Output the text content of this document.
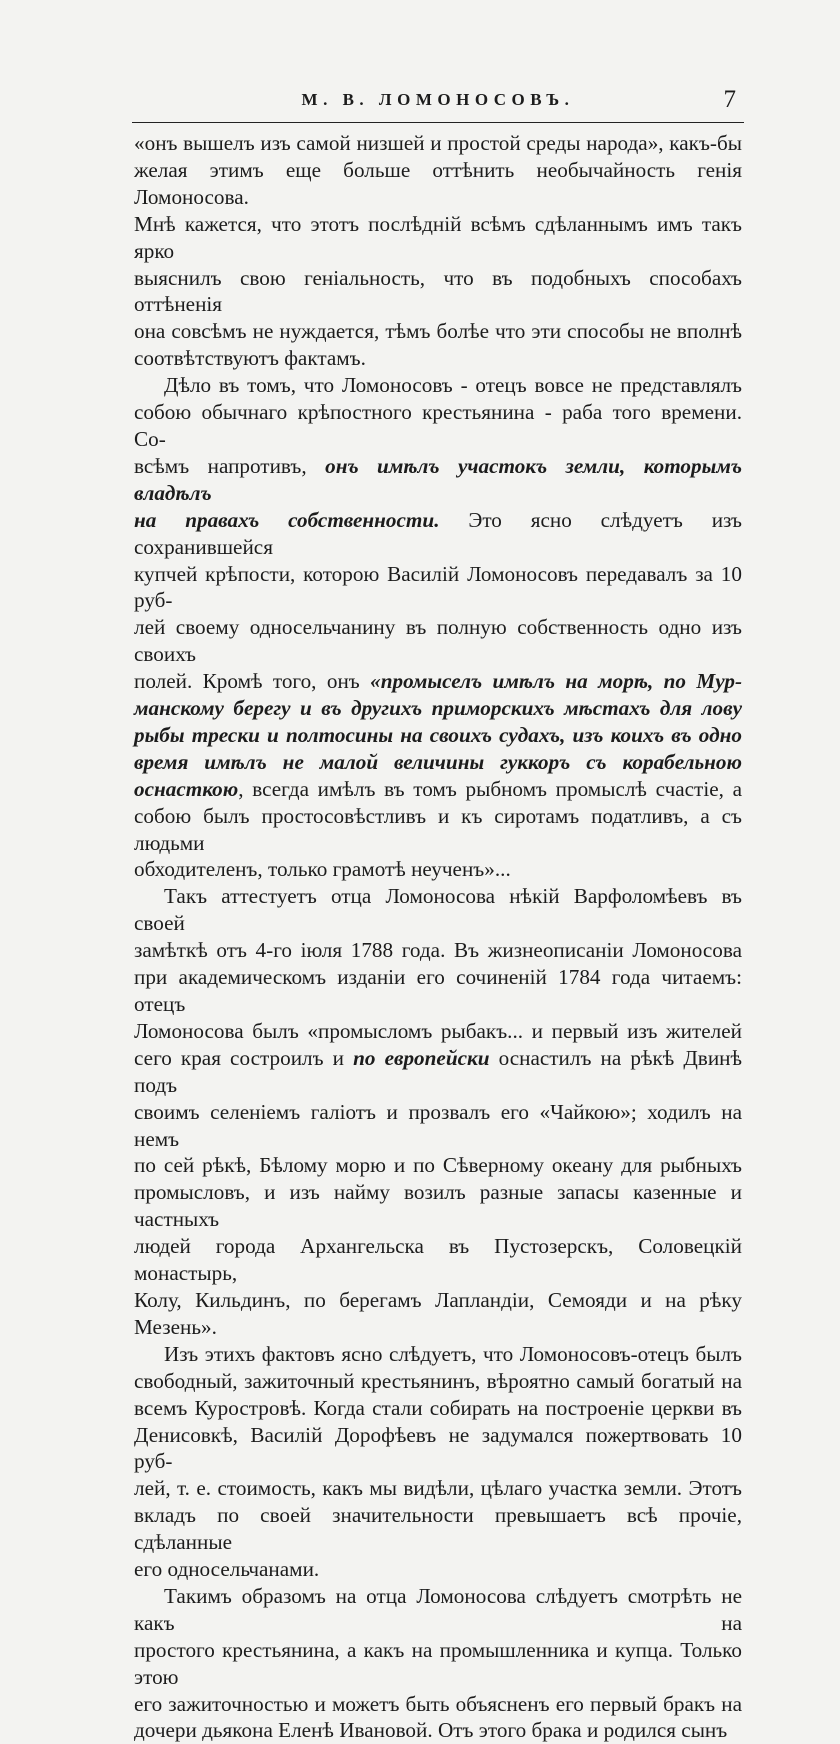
М. В. ЛОМОНОСОВЪ.	7

«онъ вышелъ изъ самой низшей и простой среды народа», какъ-бы

желая этимъ еще больше оттѣнить необычайность генія Ломоносова.

Мнѣ кажется, что этотъ послѣдній всѣмъ сдѣланнымъ имъ такъ ярко

выяснилъ свою геніальность, что въ подобныхъ способахъ оттѣненія

она совсѣмъ не нуждается, тѣмъ болѣе что эти способы не вполнѣ

соотвѣтствуютъ фактамъ.

Дѣло въ томъ, что Ломоносовъ - отецъ вовсе не представлялъ

собою обычнаго крѣпостного крестьянина - раба того времени. Со-

всѣмъ напротивъ, онъ имѣлъ участокъ земли, которымъ владѣлъ

на правахъ собственности. Это ясно слѣдуетъ изъ сохранившейся

купчей крѣпости, которою Василій Ломоносовъ передавалъ за 10 руб-

лей своему односельчанину въ полную собственность одно изъ своихъ

полей. Кромѣ того, онъ «промыселъ имѣлъ на морѣ, по Мур-

манскому берегу и въ другихъ приморскихъ мѣстахъ для лову

рыбы трески и полтосины на своихъ судахъ, изъ коихъ въ одно

время имѣлъ не малой величины гуккоръ съ корабельною

оснасткою, всегда имѣлъ въ томъ рыбномъ промыслѣ счастіе, а

собою былъ простосовѣстливъ и къ сиротамъ податливъ, а съ людьми

обходителенъ, только грамотѣ неученъ»...

Такъ аттестуетъ отца Ломоносова нѣкій Варфоломѣевъ въ своей

замѣткѣ отъ 4-го іюля 1788 года. Въ жизнеописаніи Ломоносова

при академическомъ изданіи его сочиненій 1784 года читаемъ: отецъ

Ломоносова былъ «промысломъ рыбакъ... и первый изъ жителей

сего края состроилъ и по европейски оснастилъ на рѣкѣ Двинѣ подъ

своимъ селеніемъ галіотъ и прозвалъ его «Чайкою»; ходилъ на немъ

по сей рѣкѣ, Бѣлому морю и по Сѣверному океану для рыбныхъ

промысловъ, и изъ найму возилъ разные запасы казенные и частныхъ

людей города Архангельска въ Пустозерскъ, Соловецкій монастырь,

Колу, Кильдинъ, по берегамъ Лапландіи, Семояди и на рѣку Мезень».

Изъ этихъ фактовъ ясно слѣдуетъ, что Ломоносовъ-отецъ былъ

свободный, зажиточный крестьянинъ, вѣроятно самый богатый на

всемъ Куростровѣ. Когда стали собирать на построеніе церкви въ

Денисовкѣ, Василій Дорофѣевъ не задумался пожертвовать 10 руб-

лей, т. е. стоимость, какъ мы видѣли, цѣлаго участка земли. Этотъ

вкладъ по своей значительности превышаетъ всѣ прочіе, сдѣланные

его односельчанами.

Такимъ образомъ на отца Ломоносова слѣдуетъ смотрѣть не какъ на

простого крестьянина, а какъ на промышленника и купца. Только этою

его зажиточностью и можетъ быть объясненъ его первый бракъ на

дочери дьякона Еленѣ Ивановой. Отъ этого брака и родился сынъ
